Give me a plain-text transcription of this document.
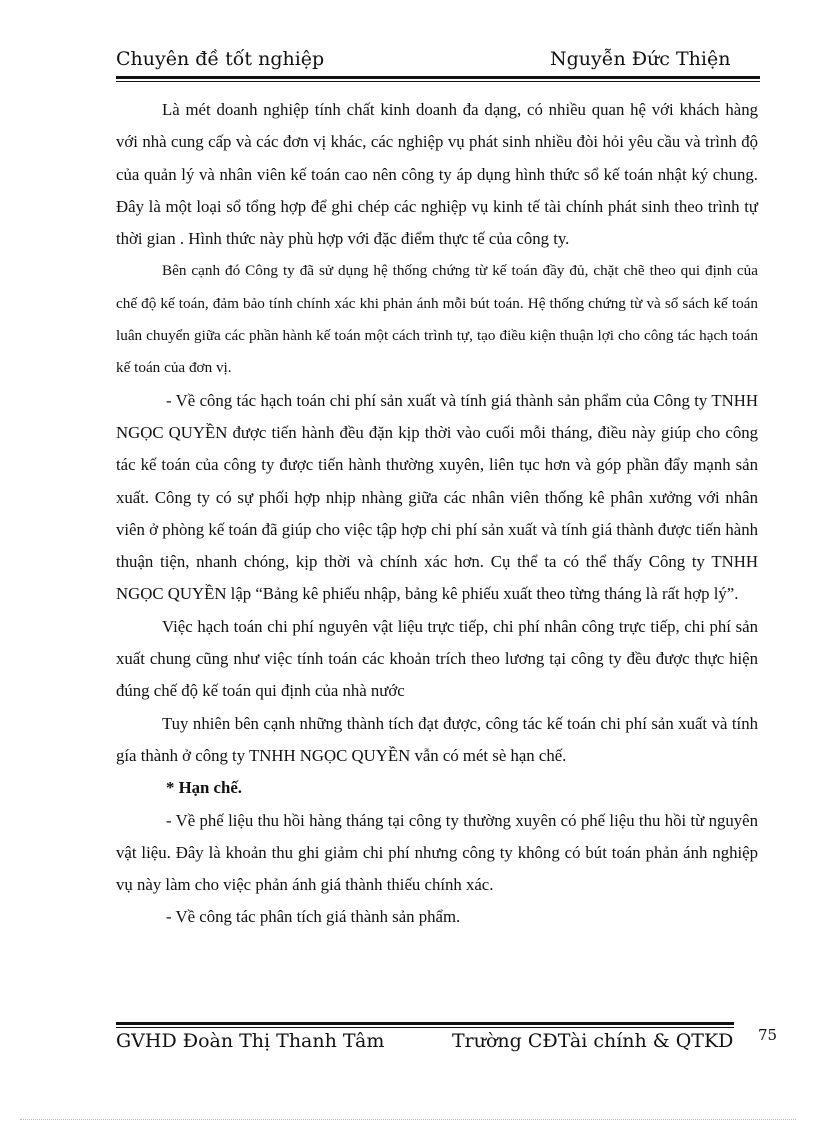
Chuyên đề tốt nghiệp	Nguyễn Đức Thiện

Là mét doanh nghiệp tính chất kinh doanh đa dạng, có nhiều quan hệ với khách hàng với nhà cung cấp và các đơn vị khác, các nghiệp vụ phát sinh nhiều đòi hỏi yêu cầu và trình độ của quản lý và nhân viên kế toán cao nên công ty áp dụng hình thức sổ kế toán nhật ký chung. Đây là một loại sổ tổng hợp để ghi chép các nghiệp vụ kinh tế tài chính phát sinh theo trình tự thời gian . Hình thức này phù hợp với đặc điểm thực tế của công ty.

Bên cạnh đó Công ty đã sử dụng hệ thống chứng từ kế toán đầy đủ, chặt chẽ theo qui định của chế độ kế toán, đảm bảo tính chính xác khi phản ánh mỗi bút toán. Hệ thống chứng từ và sổ sách kế toán luân chuyển giữa các phần hành kế toán một cách trình tự, tạo điều kiện thuận lợi cho công tác hạch toán kế toán của đơn vị.

- Về công tác hạch toán chi phí sản xuất và tính giá thành sản phẩm của Công ty TNHH NGỌC QUYỀN được tiến hành đều đặn kịp thời vào cuối mỗi tháng, điều này giúp cho công tác kế toán của công ty được tiến hành thường xuyên, liên tục hơn và góp phần đẩy mạnh sản xuất. Công ty có sự phối hợp nhịp nhàng giữa các nhân viên thống kê phân xưởng với nhân viên ở phòng kế toán đã giúp cho việc tập hợp chi phí sản xuất và tính giá thành được tiến hành thuận tiện, nhanh chóng, kịp thời và chính xác hơn. Cụ thể ta có thể thấy Công ty TNHH NGỌC QUYỀN lập “Bảng kê phiếu nhập, bảng kê phiếu xuất theo từng tháng là rất hợp lý”.

Việc hạch toán chi phí nguyên vật liệu trực tiếp, chi phí nhân công trực tiếp, chi phí sản xuất chung cũng như việc tính toán các khoản trích theo lương tại công ty đều được thực hiện đúng chế độ kế toán qui định của nhà nước

Tuy nhiên bên cạnh những thành tích đạt được, công tác kế toán chi phí sản xuất và tính gía thành ở công ty TNHH NGỌC QUYỀN vẫn có mét sè hạn chế.

* Hạn chế.

- Về phế liệu thu hồi hàng tháng tại công ty thường xuyên có phế liệu thu hồi từ nguyên vật liệu. Đây là khoản thu ghi giảm chi phí nhưng công ty không có bút toán phản ánh nghiệp vụ này làm cho việc phản ánh giá thành thiếu chính xác.

- Về công tác phân tích giá thành sản phẩm.

GVHD Đoàn Thị Thanh Tâm	Trường CĐTài chính & QTKD 75
